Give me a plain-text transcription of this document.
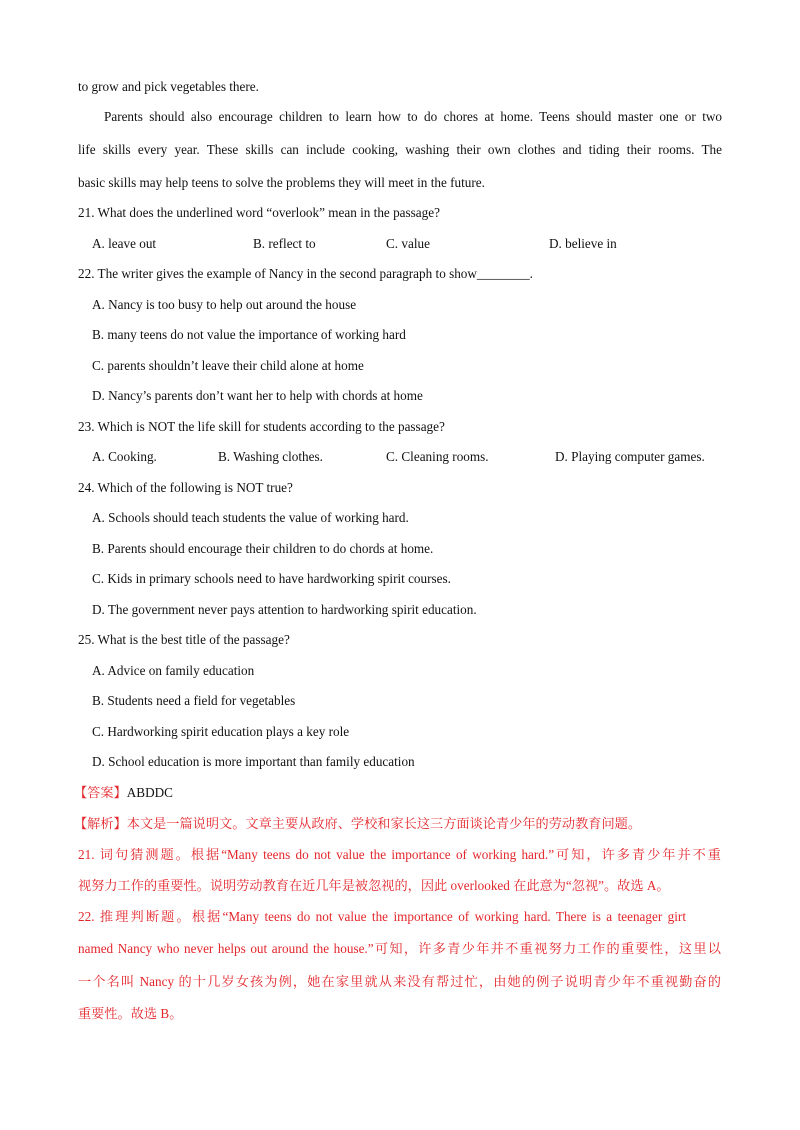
to grow and pick vegetables there.
Parents should also encourage children to learn how to do chores at home. Teens should master one or two
life skills every year. These skills can include cooking, washing their own clothes and tiding their rooms. The
basic skills may help teens to solve the problems they will meet in the future.
21. What does the underlined word “overlook” mean in the passage?
A. leave out	B. reflect to	C. value	D. believe in
22. The writer gives the example of Nancy in the second paragraph to show________.
A. Nancy is too busy to help out around the house
B. many teens do not value the importance of working hard
C. parents shouldn’t leave their child alone at home
D. Nancy’s parents don’t want her to help with chords at home
23. Which is NOT the life skill for students according to the passage?
A. Cooking.	B. Washing clothes.	C. Cleaning rooms.	D. Playing computer games.
24. Which of the following is NOT true?
A. Schools should teach students the value of working hard.
B. Parents should encourage their children to do chords at home.
C. Kids in primary schools need to have hardworking spirit courses.
D. The government never pays attention to hardworking spirit education.
25. What is the best title of the passage?
A. Advice on family education
B. Students need a field for vegetables
C. Hardworking spirit education plays a key role
D. School education is more important than family education
【答案】ABDDC
【解析】本文是一篇说明文。文章主要从政府、学校和家长这三方面谈论青少年的劳动教育问题。
21. 词句猜测题。根据“Many teens do not value the importance of working hard.”可知，许多青少年并不重
视努力工作的重要性。说明劳动教育在近几年是被忽视的，因此 overlooked 在此意为“忽视”。故选 A。
22. 推理判断题。根据“Many teens do not value the importance of working hard. There is a teenager girt
named Nancy who never helps out around the house.”可知，许多青少年并不重视努力工作的重要性，这里以
一个名叫 Nancy 的十几岁女孩为例，她在家里就从来没有帮过忙，由她的例子说明青少年不重视勤奋的
重要性。故选 B。
